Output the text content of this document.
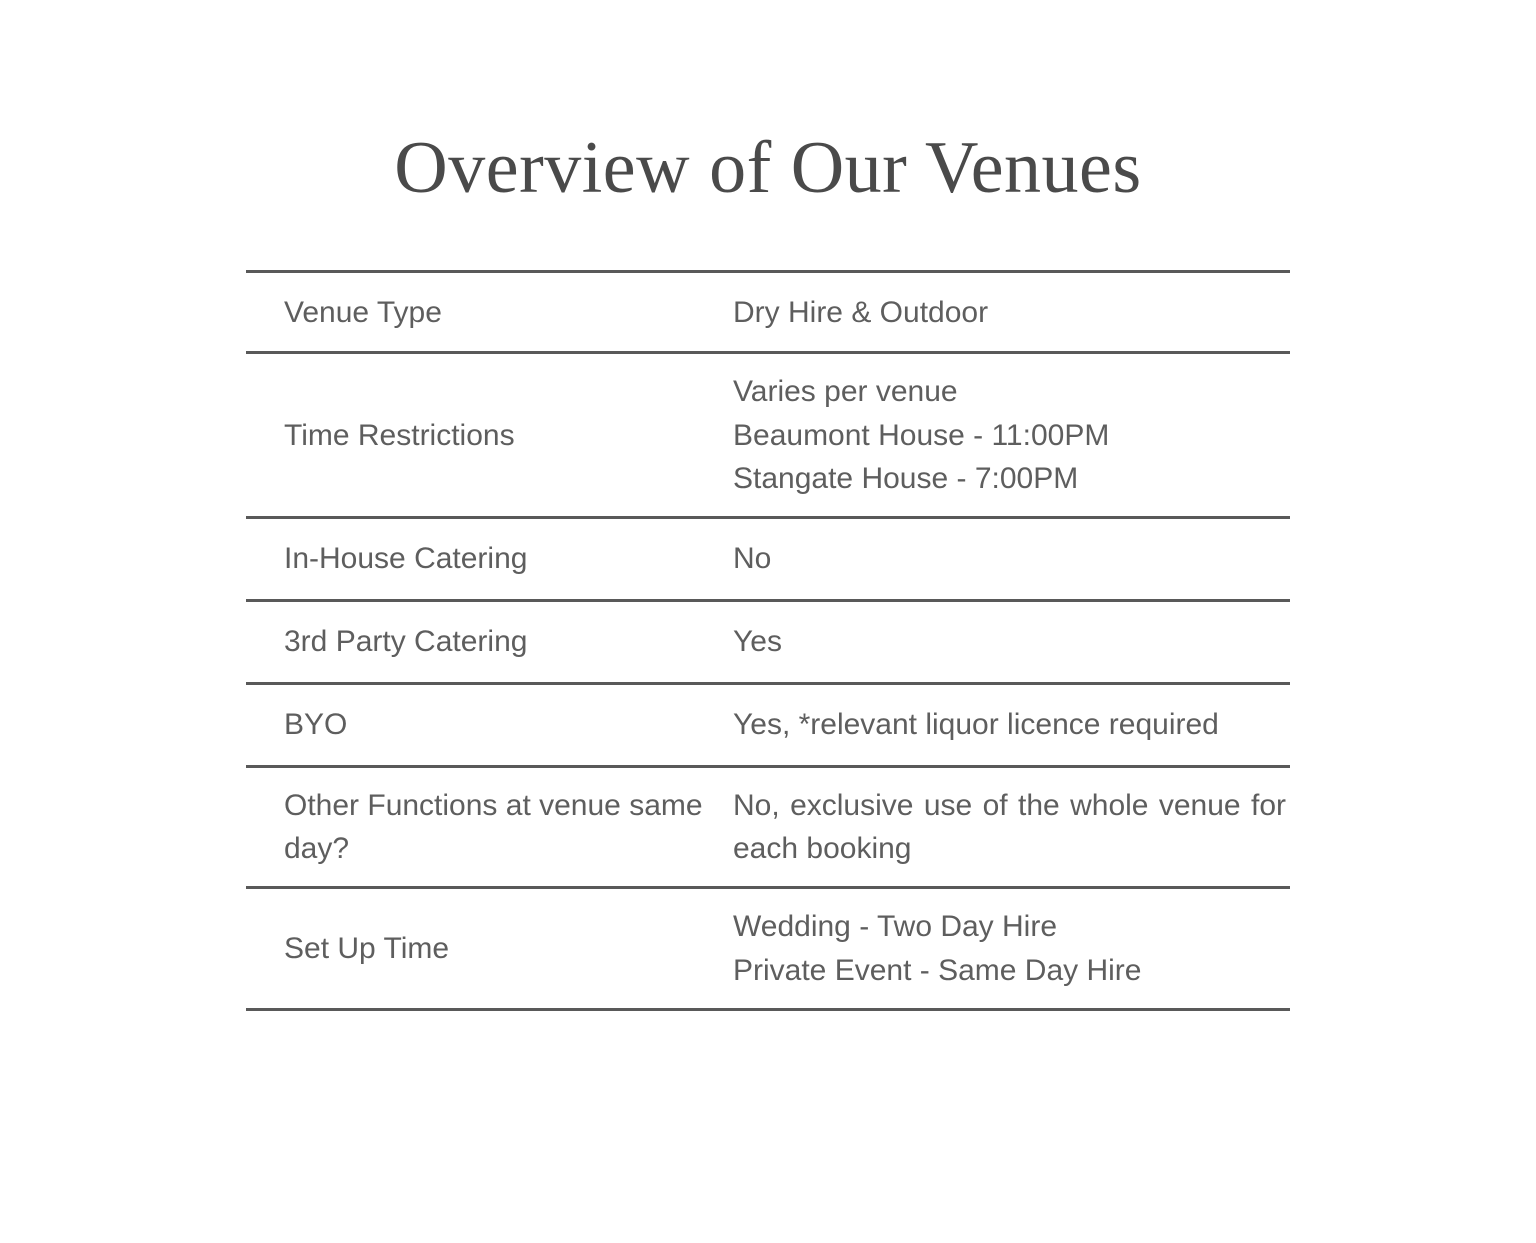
Overview of Our Venues
Venue Type	Dry Hire & Outdoor

Time Restrictions	Varies per venue
Beaumont House - 11:00PM
Stangate House - 7:00PM

In-House Catering	No

3rd Party Catering	Yes

BYO	Yes, *relevant liquor licence required

Other Functions at venue same day?	No, exclusive use of the whole venue for each booking
Set Up Time	Wedding - Two Day Hire
Private Event - Same Day Hire
